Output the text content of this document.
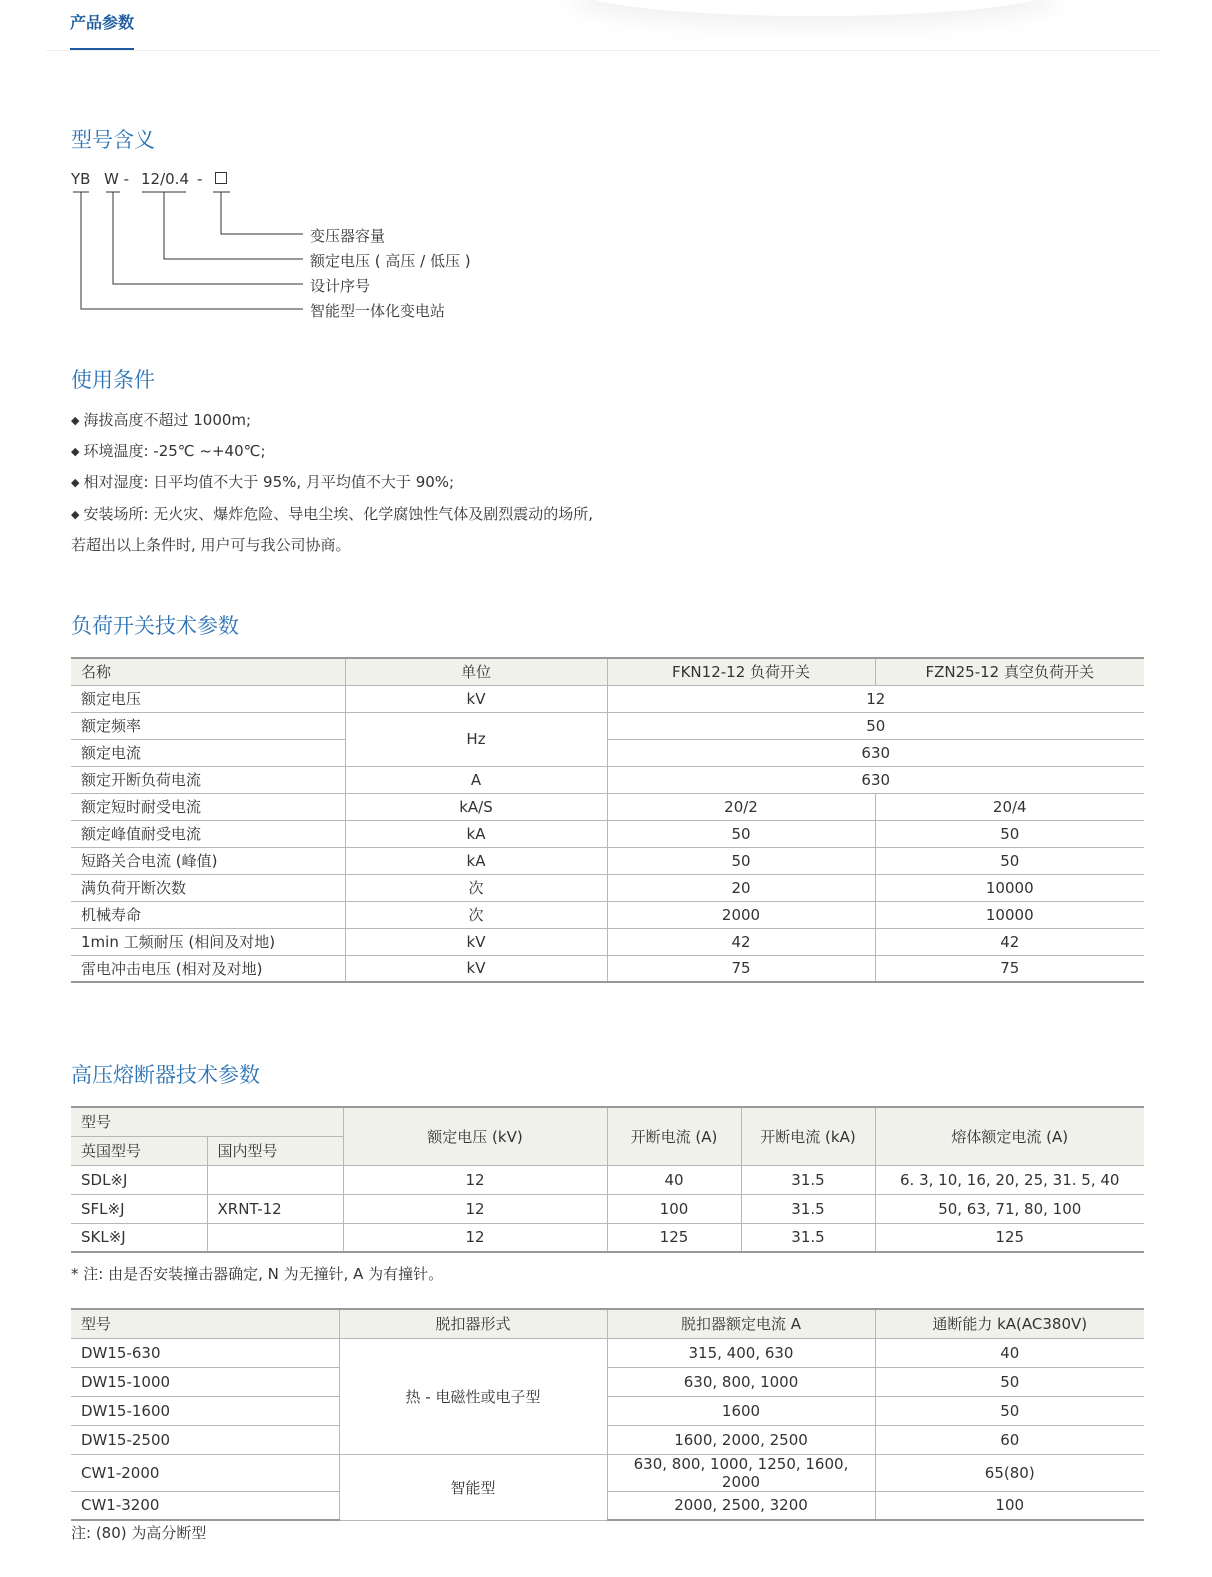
产品参数
型号含义
YB W - 12/0.4 -
变压器容量
额定电压 ( 高压 / 低压 )
设计序号
智能型一体化变电站
使用条件
◆ 海拔高度不超过 1000m;
◆ 环境温度: -25℃ ~+40℃;
◆ 相对湿度: 日平均值不大于 95%, 月平均值不大于 90%;
◆ 安装场所: 无火灾、爆炸危险、导电尘埃、化学腐蚀性气体及剧烈震动的场所,
若超出以上条件时, 用户可与我公司协商。
负荷开关技术参数
名称	单位	FKN12-12 负荷开关	FZN25-12 真空负荷开关
额定电压	kV	12	
额定频率	Hz	50	
额定电流		630	
额定开断负荷电流	A	630	
额定短时耐受电流	kA/S	20/2	20/4
额定峰值耐受电流	kA	50	50
短路关合电流 (峰值)	kA	50	50
满负荷开断次数	次	20	10000
机械寿命	次	2000	10000
1min 工频耐压 (相间及对地)	kV	42	42
雷电冲击电压 (相对及对地)	kV	75	75
高压熔断器技术参数
型号		额定电压 (kV)	开断电流 (A)	开断电流 (kA)	熔体额定电流 (A)
英国型号	国内型号				
SDL※J		12	40	31.5	6. 3, 10, 16, 20, 25, 31. 5, 40
SFL※J	XRNT-12	12	100	31.5	50, 63, 71, 80, 100
SKL※J		12	125	31.5	125
* 注: 由是否安装撞击器确定, N 为无撞针, A 为有撞针。
型号	脱扣器形式	脱扣器额定电流 A	通断能力 kA(AC380V)
DW15-630	热 - 电磁性或电子型	315, 400, 630	40
DW15-1000		630, 800, 1000	50
DW15-1600		1600	50
DW15-2500		1600, 2000, 2500	60
CW1-2000	智能型	630, 800, 1000, 1250, 1600, 2000	65(80)
CW1-3200		2000, 2500, 3200	100
注: (80) 为高分断型
